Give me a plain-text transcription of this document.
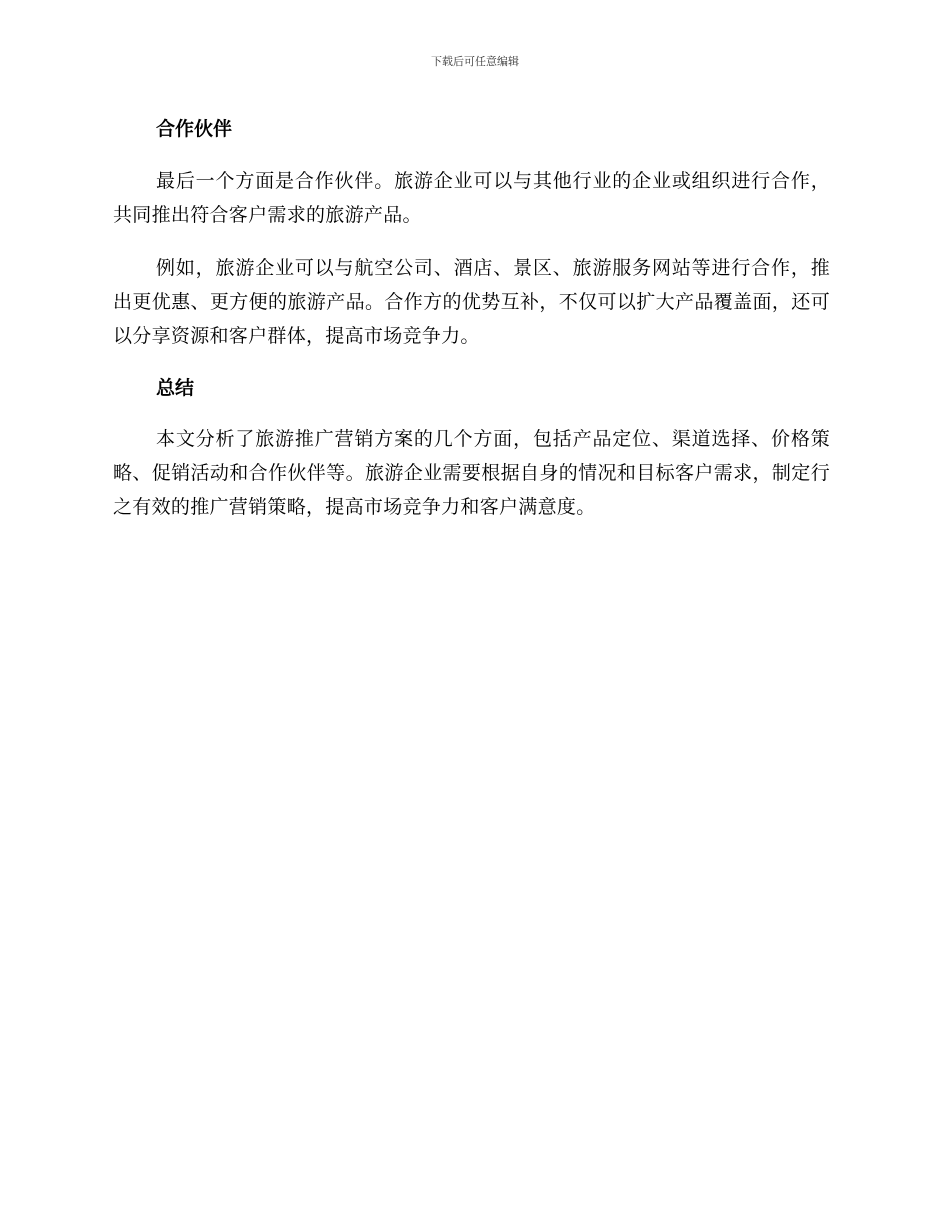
下载后可任意编辑
合作伙伴

最后一个方面是合作伙伴。旅游企业可以与其他行业的企业或组织进行合作，共同推出符合客户需求的旅游产品。

例如，旅游企业可以与航空公司、酒店、景区、旅游服务网站等进行合作，推出更优惠、更方便的旅游产品。合作方的优势互补，不仅可以扩大产品覆盖面，还可以分享资源和客户群体，提高市场竞争力。

总结

本文分析了旅游推广营销方案的几个方面，包括产品定位、渠道选择、价格策略、促销活动和合作伙伴等。旅游企业需要根据自身的情况和目标客户需求，制定行之有效的推广营销策略，提高市场竞争力和客户满意度。
